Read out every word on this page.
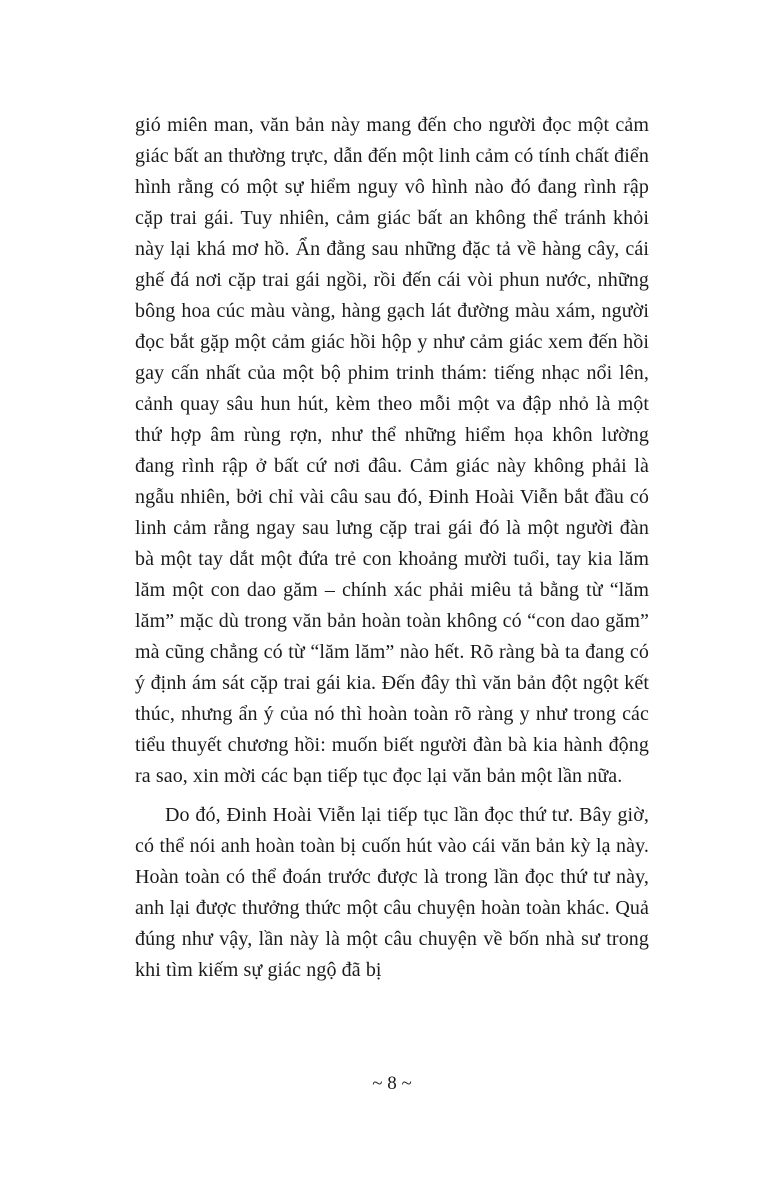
gió miên man, văn bản này mang đến cho người đọc một cảm giác bất an thường trực, dẫn đến một linh cảm có tính chất điển hình rằng có một sự hiểm nguy vô hình nào đó đang rình rập cặp trai gái. Tuy nhiên, cảm giác bất an không thể tránh khỏi này lại khá mơ hồ. Ẩn đằng sau những đặc tả về hàng cây, cái ghế đá nơi cặp trai gái ngồi, rồi đến cái vòi phun nước, những bông hoa cúc màu vàng, hàng gạch lát đường màu xám, người đọc bắt gặp một cảm giác hồi hộp y như cảm giác xem đến hồi gay cấn nhất của một bộ phim trinh thám: tiếng nhạc nổi lên, cảnh quay sâu hun hút, kèm theo mỗi một va đập nhỏ là một thứ hợp âm rùng rợn, như thể những hiểm họa khôn lường đang rình rập ở bất cứ nơi đâu. Cảm giác này không phải là ngẫu nhiên, bởi chỉ vài câu sau đó, Đinh Hoài Viễn bắt đầu có linh cảm rằng ngay sau lưng cặp trai gái đó là một người đàn bà một tay dắt một đứa trẻ con khoảng mười tuổi, tay kia lăm lăm một con dao găm – chính xác phải miêu tả bằng từ “lăm lăm” mặc dù trong văn bản hoàn toàn không có “con dao găm” mà cũng chẳng có từ “lăm lăm” nào hết. Rõ ràng bà ta đang có ý định ám sát cặp trai gái kia. Đến đây thì văn bản đột ngột kết thúc, nhưng ẩn ý của nó thì hoàn toàn rõ ràng y như trong các tiểu thuyết chương hồi: muốn biết người đàn bà kia hành động ra sao, xin mời các bạn tiếp tục đọc lại văn bản một lần nữa.

Do đó, Đinh Hoài Viễn lại tiếp tục lần đọc thứ tư. Bây giờ, có thể nói anh hoàn toàn bị cuốn hút vào cái văn bản kỳ lạ này. Hoàn toàn có thể đoán trước được là trong lần đọc thứ tư này, anh lại được thưởng thức một câu chuyện hoàn toàn khác. Quả đúng như vậy, lần này là một câu chuyện về bốn nhà sư trong khi tìm kiếm sự giác ngộ đã bị

~ 8 ~
